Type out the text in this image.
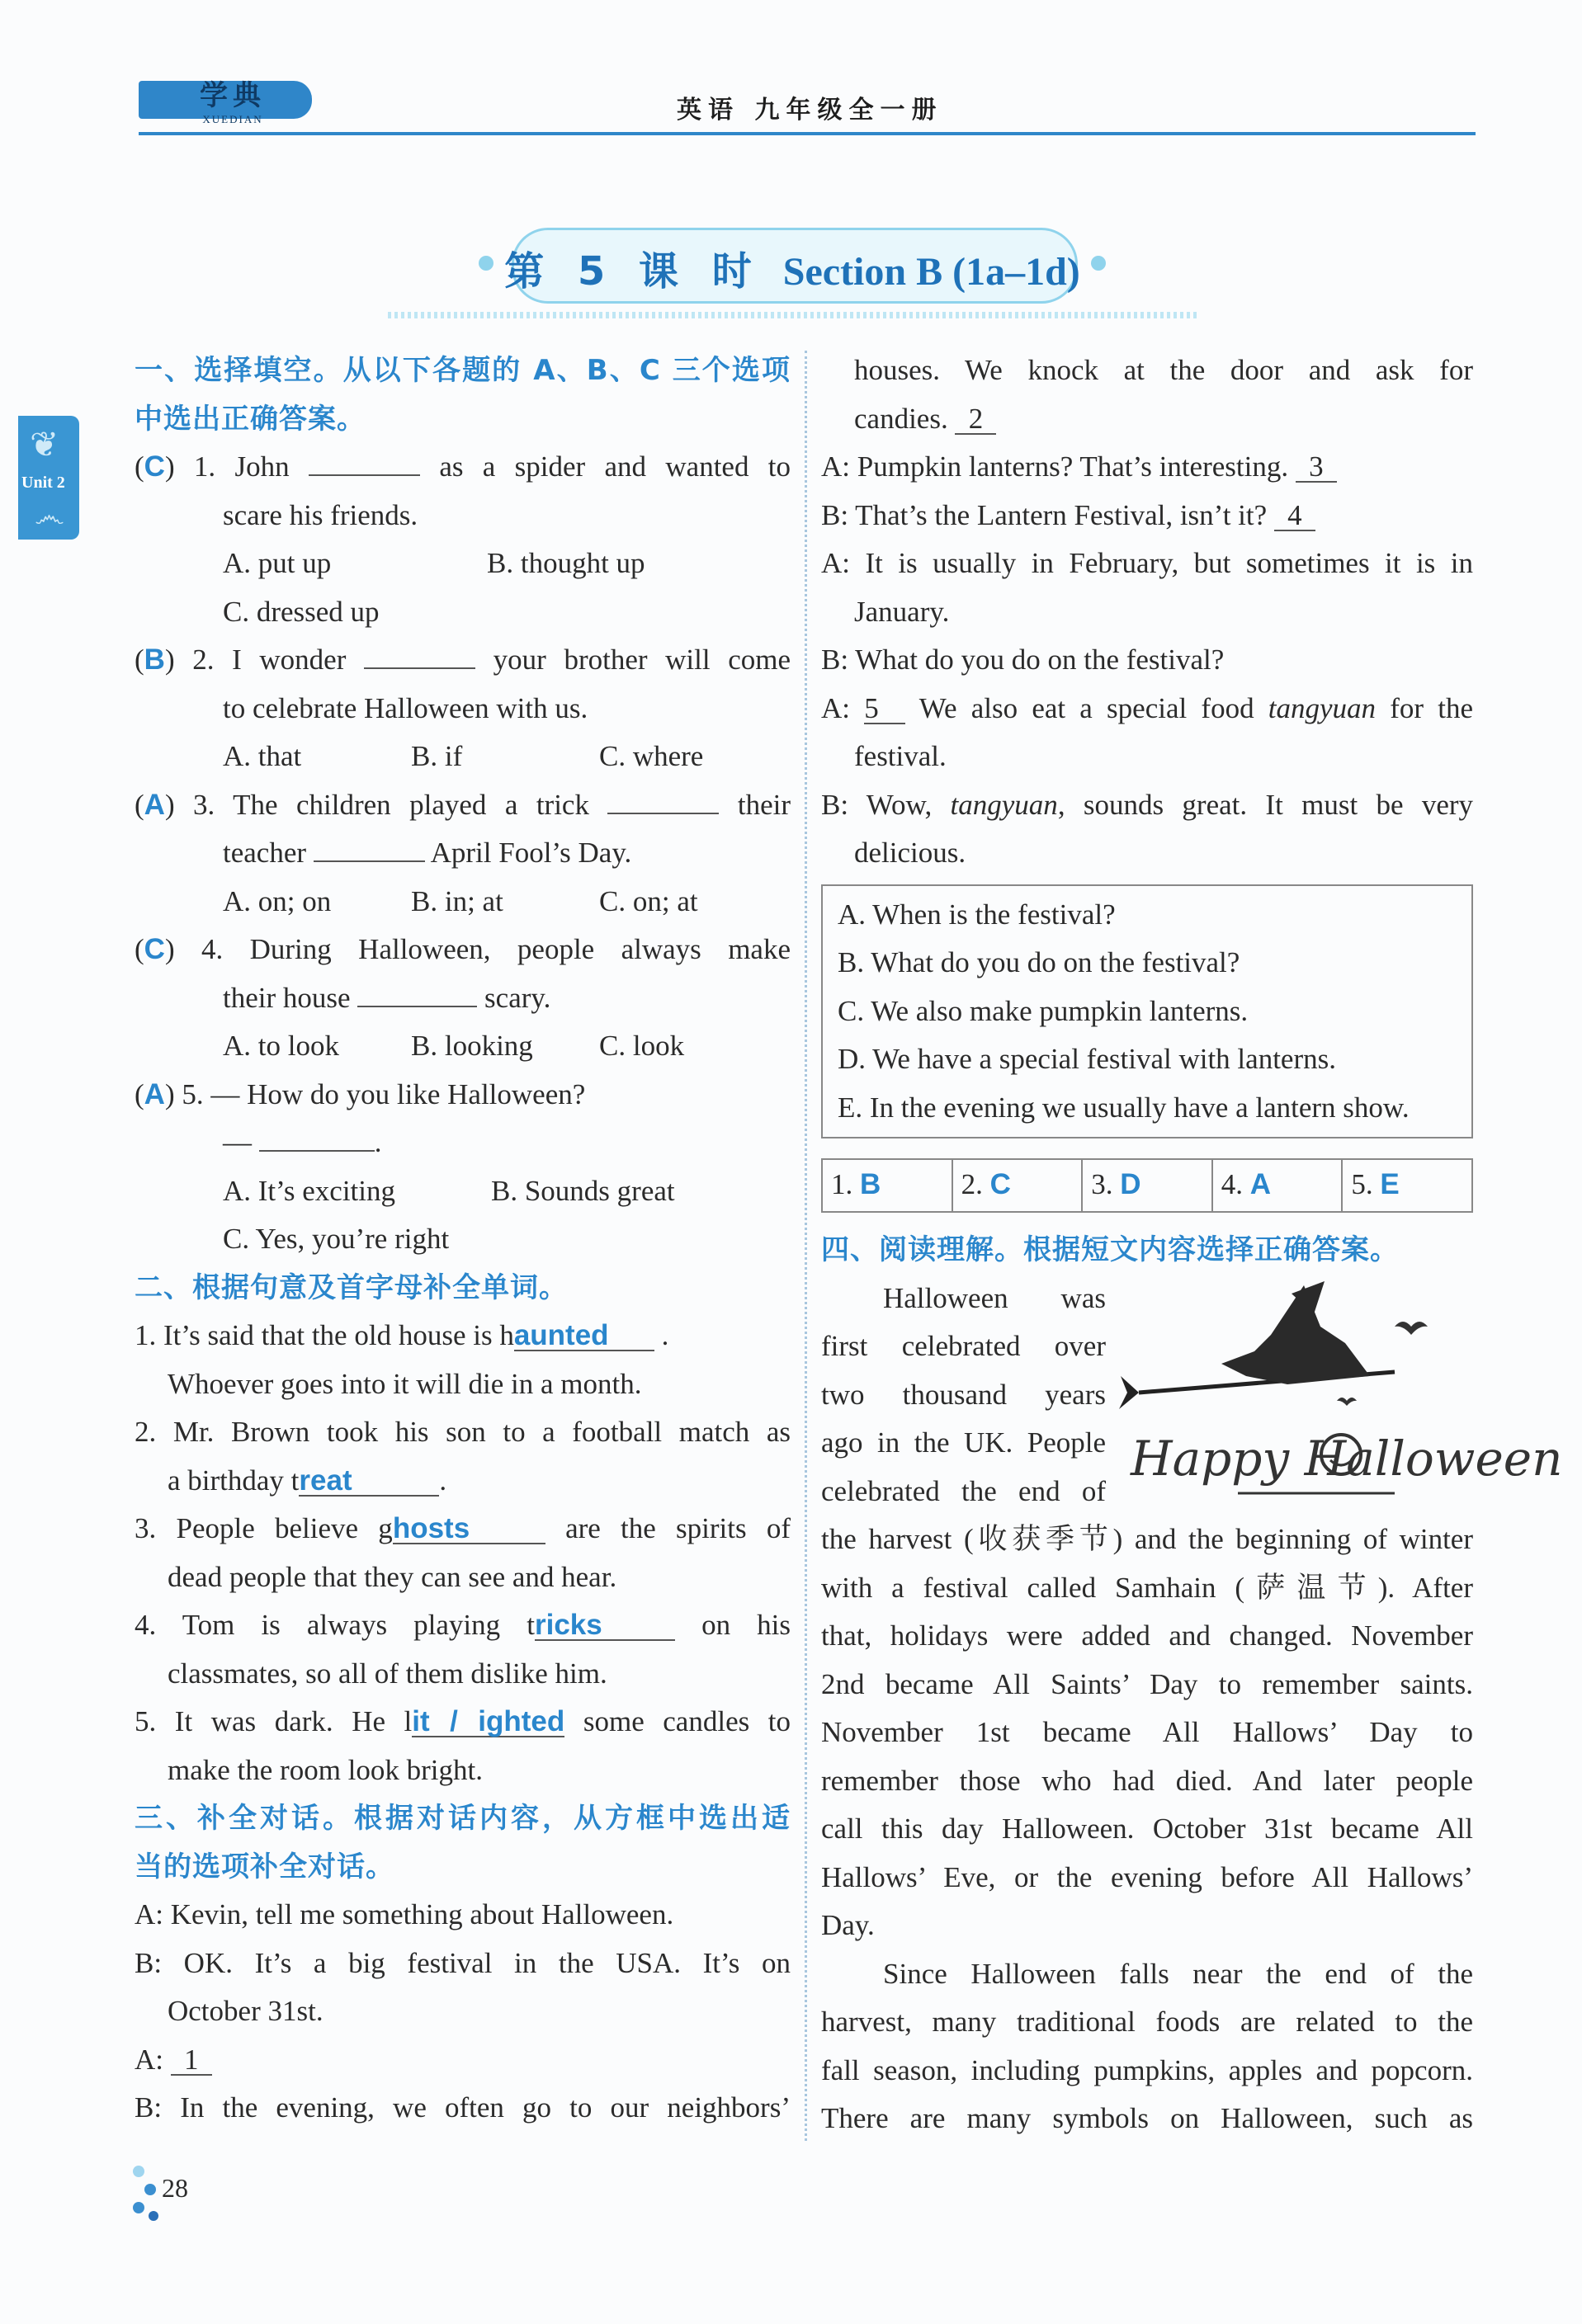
学典
XUEDIAN	英语 九年级全一册
第 5 课 时 Section B (1a–1d)
❦
Unit 2
෴
一、选择填空。从以下各题的 A、B、C 三个选项
中选出正确答案。
(C) 1. John	as a spider and wanted to
scare his friends.
A. put up	B. thought up
C. dressed up
(B) 2. I wonder	your brother will come
to celebrate Halloween with us.
A. that	B. if	C. where
(A) 3. The children played a trick	their
teacher	April Fool’s Day.
A. on; on	B. in; at	C. on; at
(C) 4. During Halloween, people always make
their house	scary.
A. to look B. looking C. look
(A) 5. — How do you like Halloween?
—	.
A. It’s exciting	B. Sounds great
C. Yes, you’re right
二、根据句意及首字母补全单词。
1. It’s said that the old house is haunted .
Whoever goes into it will die in a month.
2. Mr. Brown took his son to a football match as
a birthday treat	.
3. People believe ghosts	are the spirits of
dead people that they can see and hear.
4. Tom is always playing tricks	on his
classmates, so all of them dislike him.
5. It was dark. He lit / ighted some candles to
make the room look bright.
三、补全对话。根据对话内容，从方框中选出适
当的选项补全对话。
A: Kevin, tell me something about Halloween.
B: OK. It’s a big festival in the USA. It’s on
October 31st.
A: 1
B: In the evening, we often go to our neighbors’
houses. We knock at the door and ask for
candies. 2
A: Pumpkin lanterns? That’s interesting. 3
B: That’s the Lantern Festival, isn’t it? 4
A: It is usually in February, but sometimes it is in
January.
B: What do you do on the festival?
A: 5 We also eat a special food tangyuan for the
festival.
B: Wow, tangyuan, sounds great. It must be very
delicious.
A. When is the festival?
B. What do you do on the festival?
C. We also make pumpkin lanterns.
D. We have a special festival with lanterns.
E. In the evening we usually have a lantern show.
1. B	2. C	3. D	4. A	5. E
四、阅读理解。根据短文内容选择正确答案。
Halloween was
first celebrated over
two thousand years
ago in the UK. People
celebrated the end of
the harvest (收获季节) and the beginning of winter
with a festival called Samhain (萨温节). After
that, holidays were added and changed. November
2nd became All Saints’ Day to remember saints.
November 1st became All Hallows’ Day to
remember those who had died. And later people
call this day Halloween. October 31st became All
Hallows’ Eve, or the evening before All Hallows’
Day.
Since Halloween falls near the end of the
harvest, many traditional foods are related to the
fall season, including pumpkins, apples and popcorn.
There are many symbols on Halloween, such as
Happy Halloween
28
